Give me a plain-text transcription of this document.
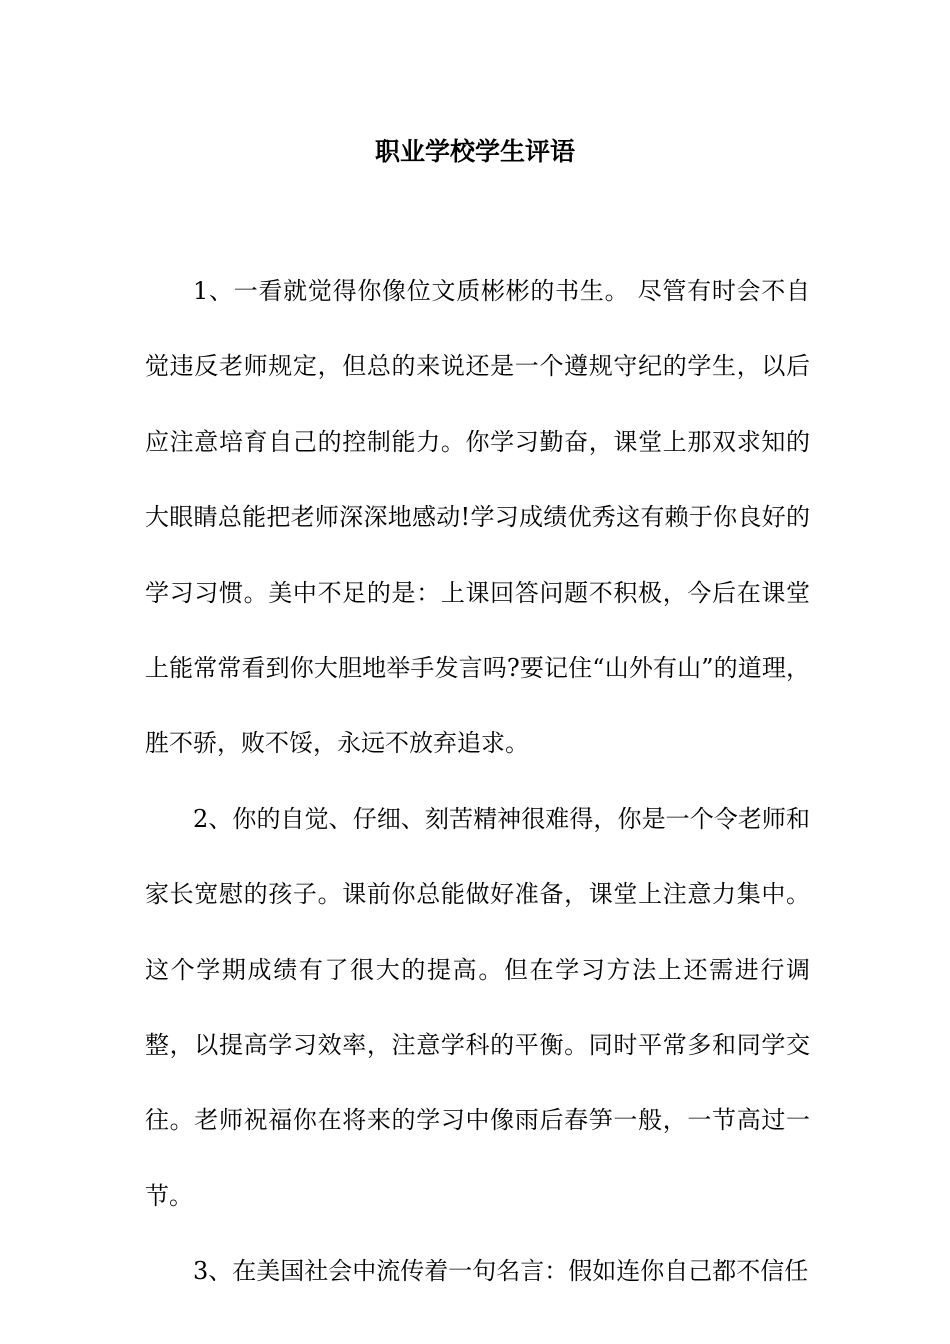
职业学校学生评语

1、一看就觉得你像位文质彬彬的书生。 尽管有时会不自觉违反老师规定，但总的来说还是一个遵规守纪的学生，以后应注意培育自己的控制能力。你学习勤奋，课堂上那双求知的大眼睛总能把老师深深地感动!学习成绩优秀这有赖于你良好的学习习惯。美中不足的是：上课回答问题不积极，今后在课堂上能常常看到你大胆地举手发言吗?要记住“山外有山”的道理，胜不骄，败不馁，永远不放弃追求。

2、你的自觉、仔细、刻苦精神很难得，你是一个令老师和家长宽慰的孩子。课前你总能做好准备，课堂上注意力集中。这个学期成绩有了很大的提高。但在学习方法上还需进行调整，以提高学习效率，注意学科的平衡。同时平常多和同学交往。老师祝福你在将来的学习中像雨后春笋一般，一节高过一节。

3、在美国社会中流传着一句名言：假如连你自己都不信任
